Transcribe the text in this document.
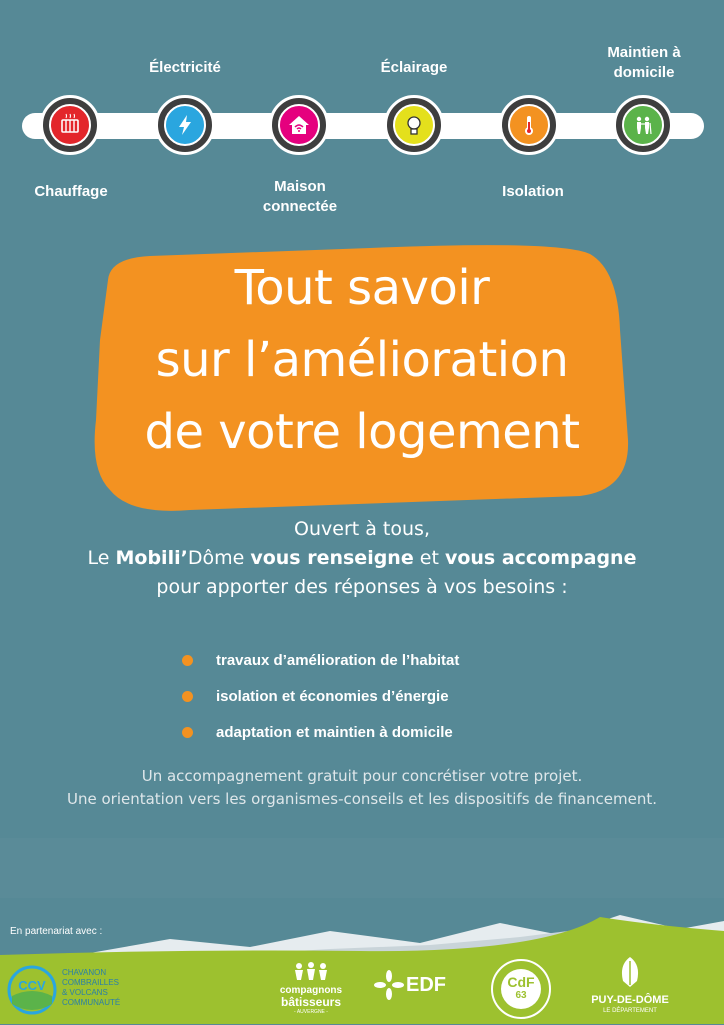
Chauffage
Électricité
Maison connectée
Éclairage
Isolation
Maintien à domicile
Tout savoir
sur l’amélioration
de votre logement
Ouvert à tous,
Le Mobili’Dôme vous renseigne et vous accompagne
pour apporter des réponses à vos besoins :
travaux d’amélioration de l’habitat
isolation et économies d’énergie
adaptation et maintien à domicile
Un accompagnement gratuit pour concrétiser votre projet.
Une orientation vers les organismes-conseils et les dispositifs de financement.
En partenariat avec :
CCV
CHAVANON
COMBRAILLES
& VOLCANS
COMMUNAUTÉ
compagnons
bâtisseurs
- AUVERGNE -
EDF	CdF
63	PUY-DE-DÔME
LE DÉPARTEMENT
